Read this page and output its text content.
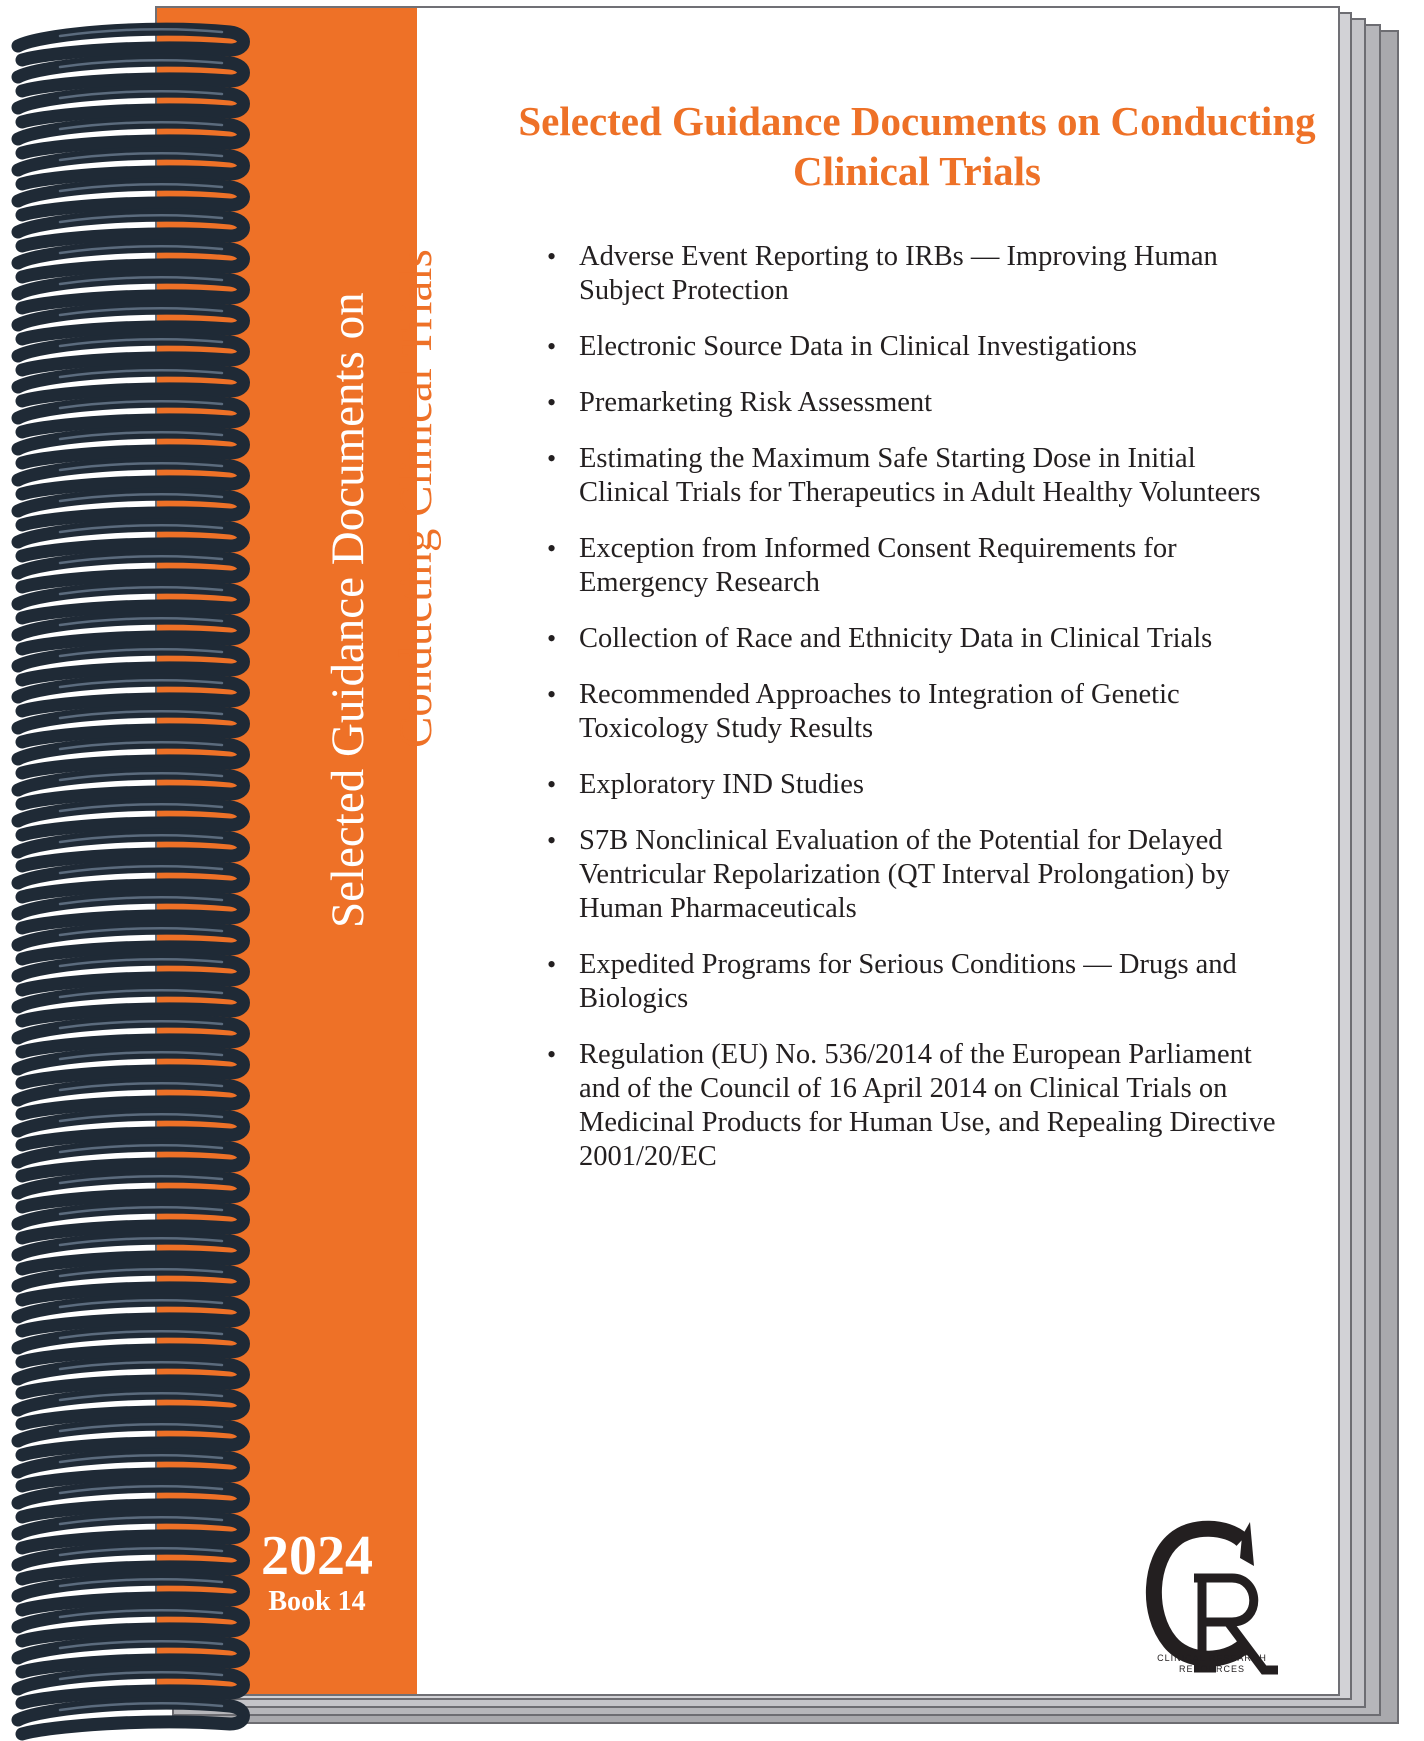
2024
Book 14
Selected Guidance Documents on Conducting Clinical Trials
Selected Guidance Documents on Conducting Clinical Trials
• Adverse Event Reporting to IRBs — Improving Human Subject Protection
• Electronic Source Data in Clinical Investigations
• Premarketing Risk Assessment
• Estimating the Maximum Safe Starting Dose in Initial Clinical Trials for Therapeutics in Adult Healthy Volunteers
• Exception from Informed Consent Requirements for Emergency Research
• Collection of Race and Ethnicity Data in Clinical Trials
• Recommended Approaches to Integration of Genetic Toxicology Study Results
• Exploratory IND Studies
• S7B Nonclinical Evaluation of the Potential for Delayed Ventricular Repolarization (QT Interval Prolongation) by Human Pharmaceuticals
• Expedited Programs for Serious Conditions — Drugs and Biologics
• Regulation (EU) No. 536/2014 of the European Parliament and of the Council of 16 April 2014 on Clinical Trials on Medicinal Products for Human Use, and Repealing Directive 2001/20/EC
CLINICAL RESEARCH
RESOURCES
